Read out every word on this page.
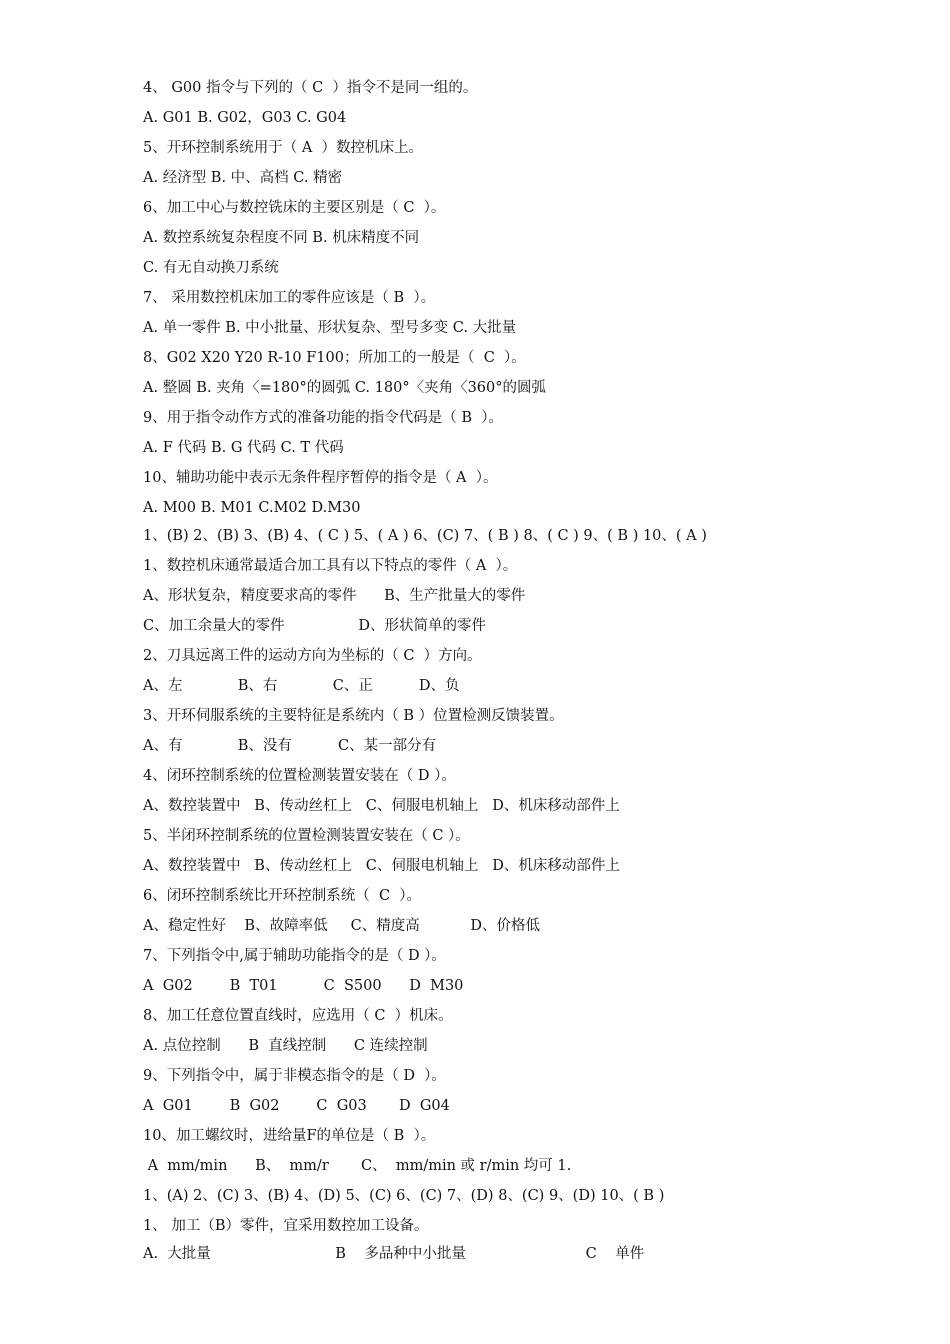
4、 G00 指令与下列的（ C  ）指令不是同一组的。
A. G01 B. G02，G03 C. G04
5、开环控制系统用于（ A  ）数控机床上。
A. 经济型 B. 中、高档 C. 精密
6、加工中心与数控铣床的主要区别是（ C  ）。
A. 数控系统复杂程度不同 B. 机床精度不同
C. 有无自动换刀系统
7、 采用数控机床加工的零件应该是（ B  ）。
A. 单一零件 B. 中小批量、形状复杂、型号多变 C. 大批量
8、G02 X20 Y20 R-10 F100；所加工的一般是（  C  ）。
A. 整圆 B. 夹角〈=180°的圆弧 C. 180°〈夹角〈360°的圆弧
9、用于指令动作方式的准备功能的指令代码是（ B  ）。
A. F 代码 B. G 代码 C. T 代码
10、辅助功能中表示无条件程序暂停的指令是（ A  ）。
A. M00 B. M01 C.M02 D.M30
1、(B) 2、(B) 3、(B) 4、( C ) 5、( A ) 6、(C) 7、( B ) 8、( C ) 9、( B ) 10、( A )
1、数控机床通常最适合加工具有以下特点的零件（ A  ）。
A、形状复杂，精度要求高的零件      B、生产批量大的零件
C、加工余量大的零件                D、形状简单的零件
2、刀具远离工件的运动方向为坐标的（ C  ）方向。
A、左            B、右            C、正          D、负
3、开环伺服系统的主要特征是系统内（ B ）位置检测反馈装置。
A、有            B、没有          C、某一部分有
4、闭环控制系统的位置检测装置安装在（ D ）。
A、数控装置中   B、传动丝杠上   C、伺服电机轴上   D、机床移动部件上
5、半闭环控制系统的位置检测装置安装在（ C ）。
A、数控装置中   B、传动丝杠上   C、伺服电机轴上   D、机床移动部件上
6、闭环控制系统比开环控制系统（  C  ）。
A、稳定性好    B、故障率低     C、精度高           D、价格低
7、下列指令中,属于辅助功能指令的是（ D ）。
A  G02        B  T01          C  S500      D  M30
8、加工任意位置直线时，应选用（ C  ）机床。
A. 点位控制      B  直线控制      C 连续控制
9、下列指令中，属于非模态指令的是（ D  ）。
A  G01        B  G02        C  G03       D  G04
10、加工螺纹时，进给量F的单位是（ B  ）。
A  mm/min      B、  mm/r       C、  mm/min 或 r/min 均可 1.
1、(A) 2、(C) 3、(B) 4、(D) 5、(C) 6、(C) 7、(D) 8、(C) 9、(D) 10、( B )
1、 加工（B）零件，宜采用数控加工设备。
A.  大批量                           B    多品种中小批量                          C    单件
